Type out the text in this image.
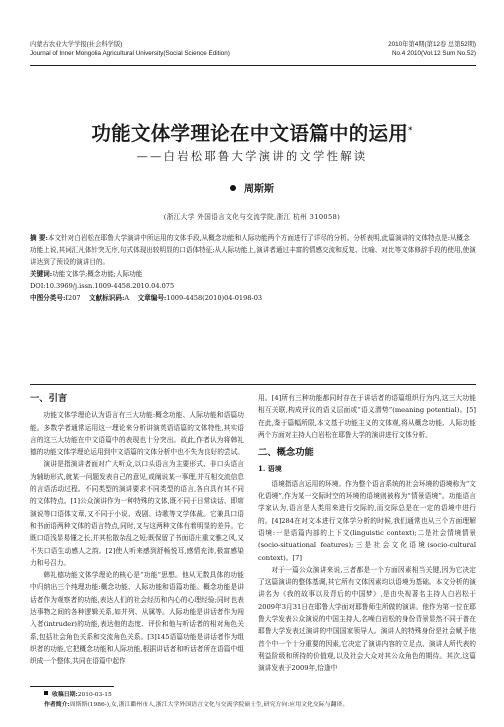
内蒙古农业大学学报(社会科学版)
Journal of Inner Mongolia Agricultural University(Social Science Edition)
2010年第4期(第12卷 总第52期)
No.4 2010(Vol.12 Sum No.52)
功能文体学理论在中文语篇中的运用*
——白岩松耶鲁大学演讲的文学性解读
周斯斯
(浙江大学 外国语言文化与交流学院,浙江 杭州 310058)

摘 要:本文针对白岩松在耶鲁大学演讲中所运用的文体手段,从概念功能和人际功能两个方面进行了详尽的分析。分析表明,此篇演讲的文体特点是:从概念功能上说,其词汇凡体针突无序,句式体现出较明显的口语体特征;从人际功能上,演讲者通过丰富的情感交流和反复、比喻、对比等文体修辞手段的使用,使演讲达到了预设的演讲目的。

关键词:功能文体学;概念功能;人际功能

DOI:10.3969/j.issn.1009-4458.2010.04.075

中图分类号:I207 文献标识码:A 文章编号:1009-4458(2010)04-0198-03

一、引言

功能文体学理论认为语言有三大功能:概念功能、人际功能和语篇功能。多数学者通常运用这一理论来分析讲演英语语篇的文体特性,其实语言的这三大功能在中文语篇中的表现也十分突出。故此,作者认为将韩礼德的功能文体学理论运用到中文语篇的文体分析中也不失为良好的尝试。

演讲是指演讲者面对广大听众,以口头语言为主要形式、非口头语言为辅助形式,就某一问题发表自己的意见,或阐说某一事理,并互相交流信息的言语活动过程。不同类型的演讲要求不同类型的语言,各自具有其不同的文体特点。[1]公众演讲作为一种特殊的文体,既不同于日常谈话、即席演说等口语体文章,又不同于小说、戏剧、诗歌等文学体裁。它兼具口语和书面语两种文体的语言特点,同时,又与这两种文体有着明显的差异。它既口语浅显易懂之长,并其松散杂乱之短;既保留了书面语庄重文雅之风,又不失口语生动感人之韵。[2]使人听来感到舒畅悦耳,感情充沛,极富感染力和号召力。

韩礼德功能文体学理论的核心是“功能”思想。他从无数具体的功能中归纳出三个纯理功能:概念功能、人际功能和语篇功能。概念功能是讲话者作为观察者的功能,表达人们的社会经历和内心的心理经验;同时也表达事物之间的各种逻辑关系,如并列、从属等。人际功能是讲话者作为闯入者(intruder)的功能,表达他的态度、评价和他与听话者的相对角色关系,包括社会角色关系和交流角色关系。[3]145语篇功能是讲话者作为组织者的功能,它把概念功能和人际功能,根据讲话者和听话者所在语篇中组织成一个整体,共同在语篇中起作

用。[4]所有三种功能都同时存在于讲话者的语篇组织行为内,这三大功能相互关联,构成评议的语义层面或“语义潜势”(meaning potential)。[5]在此,鉴于篇幅所限,本文基于功能主义的文体观,将从概念功能、人际功能两个方面对主持人白岩松在耶鲁大学的演讲进行文体分析。

二、概念功能
1. 语境

语境指语言运用的环境。作为整个语言系统的社会环境的语境称为“文化语境”,作为某一交际时空的环境的语境则被称为“情景语境”。功能语言学家认为,语言是人类用来进行交际的,而交际总是在一定的语境中进行的。[4]284在对文本进行文体学分析的时候,我们通常也从三个方面理解语境:一是语篇内部的上下文(linguistic context);二是社会情境情景(socio-situational features);三是社会文化语境(socio-cultural context)。[7]

对于一篇公众演讲来说,三者都是一个方面因素相当关键,因为它决定了这篇演讲的整体基调,其它所有文体因素均以语境为基础。本文分析的演讲名为《我的故事以及背后的中国梦》,是由央视著名主持人白岩松于2009年3月31日在耶鲁大学面对耶鲁师生所做的演讲。他作为第一位在耶鲁大学发表公众演说的中国主持人,名噪白岩松的身份背景显然不同于普在耶鲁大学发表过演讲的中国国家领导人。演讲人的特殊身份是社会赋予他首个中一个十分重要的因素,它决定了演讲内容的立足点、演讲人所代表的利益阶级和所持的价值观,以及社会大众对其公众角色的期待。其次,这篇演讲发表于2009年,恰逢中

收稿日期:2010-03-15
作者简介:周斯斯(1986-),女,浙江衢州市人,浙江大学外国语言文化与交流学院硕士生,研究方向:应用文化交际与翻译。
